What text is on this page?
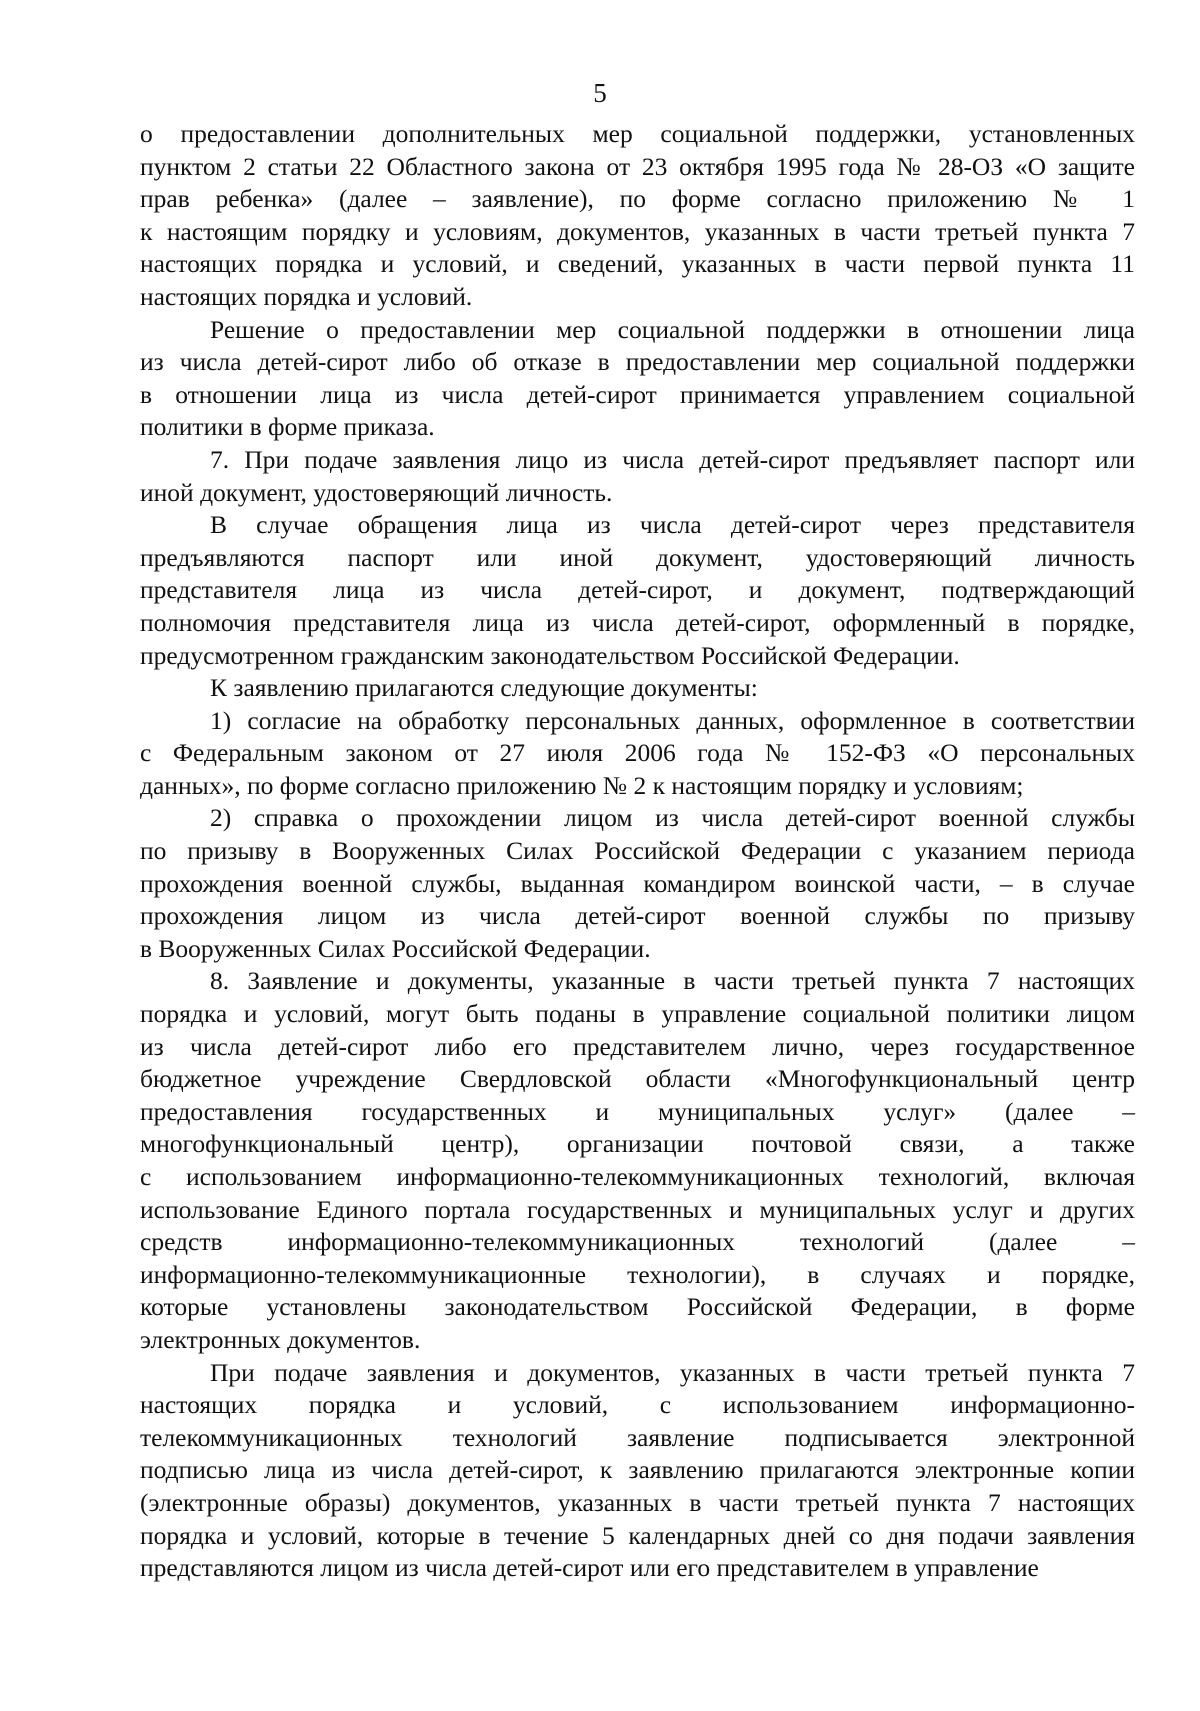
5
о предоставлении дополнительных мер социальной поддержки, установленных
пунктом 2 статьи 22 Областного закона от 23 октября 1995 года № 28-ОЗ «О защите
прав ребенка» (далее – заявление), по форме согласно приложению № 1
к настоящим порядку и условиям, документов, указанных в части третьей пункта 7
настоящих порядка и условий, и сведений, указанных в части первой пункта 11
настоящих порядка и условий.
Решение о предоставлении мер социальной поддержки в отношении лица
из числа детей-сирот либо об отказе в предоставлении мер социальной поддержки
в отношении лица из числа детей-сирот принимается управлением социальной
политики в форме приказа.
7. При подаче заявления лицо из числа детей-сирот предъявляет паспорт или
иной документ, удостоверяющий личность.
В случае обращения лица из числа детей-сирот через представителя
предъявляются паспорт или иной документ, удостоверяющий личность
представителя лица из числа детей-сирот, и документ, подтверждающий
полномочия представителя лица из числа детей-сирот, оформленный в порядке,
предусмотренном гражданским законодательством Российской Федерации.
К заявлению прилагаются следующие документы:
1) согласие на обработку персональных данных, оформленное в соответствии
с Федеральным законом от 27 июля 2006 года № 152-ФЗ «О персональных
данных», по форме согласно приложению № 2 к настоящим порядку и условиям;
2) справка о прохождении лицом из числа детей-сирот военной службы
по призыву в Вооруженных Силах Российской Федерации с указанием периода
прохождения военной службы, выданная командиром воинской части, – в случае
прохождения лицом из числа детей-сирот военной службы по призыву
в Вооруженных Силах Российской Федерации.
8. Заявление и документы, указанные в части третьей пункта 7 настоящих
порядка и условий, могут быть поданы в управление социальной политики лицом
из числа детей-сирот либо его представителем лично, через государственное
бюджетное учреждение Свердловской области «Многофункциональный центр
предоставления государственных и муниципальных услуг» (далее –
многофункциональный центр), организации почтовой связи, а также
с использованием информационно-телекоммуникационных технологий, включая
использование Единого портала государственных и муниципальных услуг и других
средств информационно-телекоммуникационных технологий (далее –
информационно-телекоммуникационные технологии), в случаях и порядке,
которые установлены законодательством Российской Федерации, в форме
электронных документов.
При подаче заявления и документов, указанных в части третьей пункта 7
настоящих порядка и условий, с использованием информационно-
телекоммуникационных технологий заявление подписывается электронной
подписью лица из числа детей-сирот, к заявлению прилагаются электронные копии
(электронные образы) документов, указанных в части третьей пункта 7 настоящих
порядка и условий, которые в течение 5 календарных дней со дня подачи заявления
представляются лицом из числа детей-сирот или его представителем в управление
